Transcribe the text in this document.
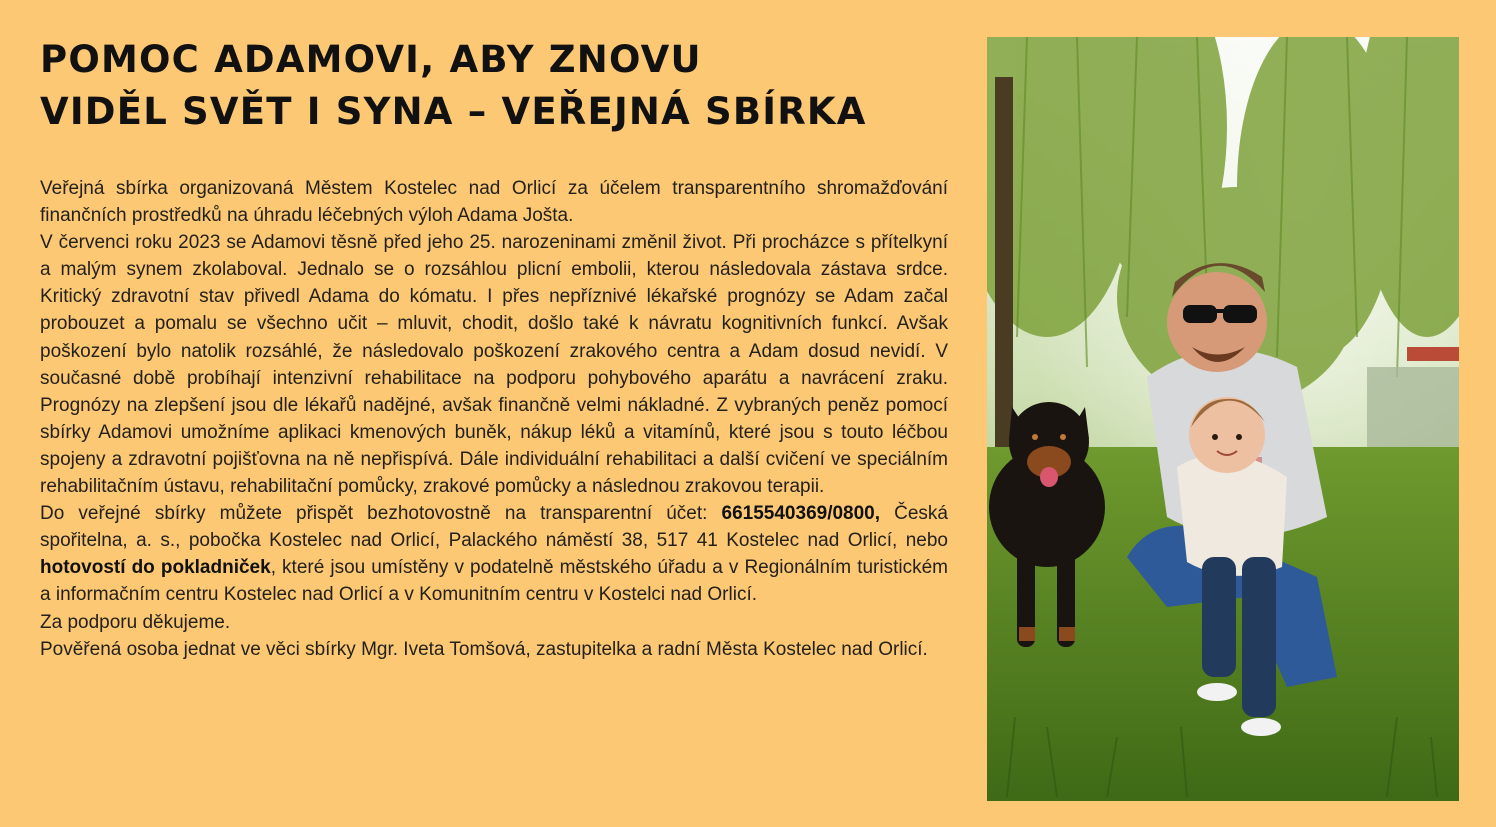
POMOC ADAMOVI, ABY ZNOVU
VIDĚL SVĚT I SYNA – VEŘEJNÁ SBÍRKA

Veřejná sbírka organizovaná Městem Kostelec nad Orlicí za účelem transparentního shromažďování finančních prostředků na úhradu léčebných výloh Adama Jošta.

V červenci roku 2023 se Adamovi těsně před jeho 25. narozeninami změnil život. Při procházce s přítelkyní a malým synem zkolaboval. Jednalo se o rozsáhlou plicní embolii, kterou následovala zástava srdce. Kritický zdravotní stav přivedl Adama do kómatu. I přes nepříznivé lékařské prognózy se Adam začal probouzet a pomalu se všechno učit – mluvit, chodit, došlo také k návratu kognitivních funkcí. Avšak poškození bylo natolik rozsáhlé, že následovalo poškození zrakového centra a Adam dosud nevidí. V současné době probíhají intenzivní rehabilitace na podporu pohybového aparátu a navrácení zraku. Prognózy na zlepšení jsou dle lékařů nadějné, avšak finančně velmi nákladné. Z vybraných peněz pomocí sbírky Adamovi umožníme aplikaci kmenových buněk, nákup léků a vitamínů, které jsou s touto léčbou spojeny a zdravotní pojišťovna na ně nepřispívá. Dále individuální rehabilitaci a další cvičení ve speciálním rehabilitačním ústavu, rehabilitační pomůcky, zrakové pomůcky a následnou zrakovou terapii.

Do veřejné sbírky můžete přispět bezhotovostně na transparentní účet: 6615540369/0800, Česká spořitelna, a. s., pobočka Kostelec nad Orlicí, Palackého náměstí 38, 517 41 Kostelec nad Orlicí, nebo hotovostí do pokladniček, které jsou umístěny v podatelně městského úřadu a v Regionálním turistickém a informačním centru Kostelec nad Orlicí a v Komunitním centru v Kostelci nad Orlicí.

Za podporu děkujeme.

Pověřená osoba jednat ve věci sbírky Mgr. Iveta Tomšová, zastupitelka a radní Města Kostelec nad Orlicí.
